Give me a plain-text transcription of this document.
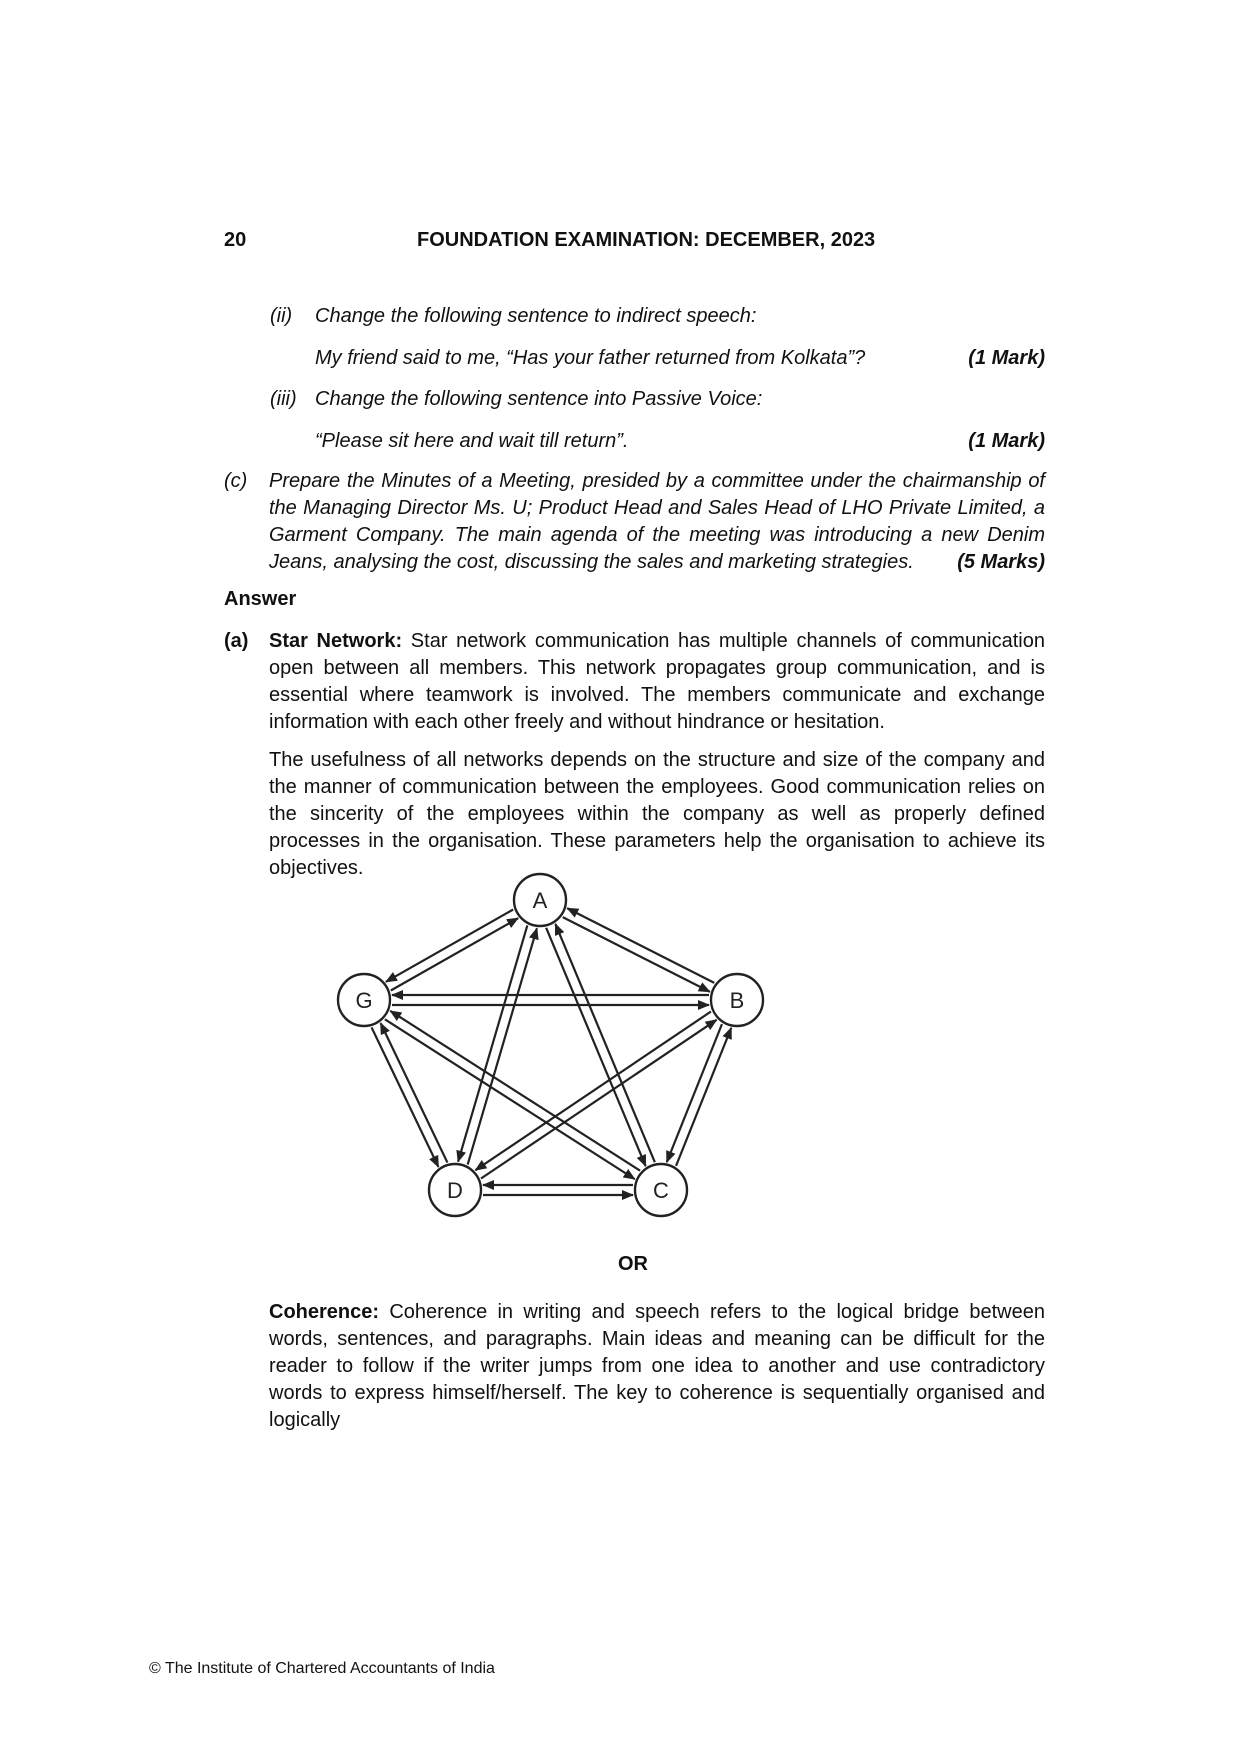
20	FOUNDATION EXAMINATION: DECEMBER, 2023
(ii) Change the following sentence to indirect speech:
My friend said to me, “Has your father returned from Kolkata”?	(1 Mark)
(iii) Change the following sentence into Passive Voice:
“Please sit here and wait till return”.	(1 Mark)
(c) Prepare the Minutes of a Meeting, presided by a committee under the chairmanship of the Managing Director Ms. U; Product Head and Sales Head of LHO Private Limited, a Garment Company. The main agenda of the meeting was introducing a new Denim Jeans, analysing the cost, discussing the sales and marketing strategies. (5 Marks)
Answer
(a) Star Network: Star network communication has multiple channels of communication open between all members. This network propagates group communication, and is essential where teamwork is involved. The members communicate and exchange information with each other freely and without hindrance or hesitation.
The usefulness of all networks depends on the structure and size of the company and the manner of communication between the employees. Good communication relies on the sincerity of the employees within the company as well as properly defined processes in the organisation. These parameters help the organisation to achieve its objectives.
A
B
C
D
G
OR
Coherence: Coherence in writing and speech refers to the logical bridge between words, sentences, and paragraphs. Main ideas and meaning can be difficult for the reader to follow if the writer jumps from one idea to another and use contradictory words to express himself/herself. The key to coherence is sequentially organised and logically
© The Institute of Chartered Accountants of India
